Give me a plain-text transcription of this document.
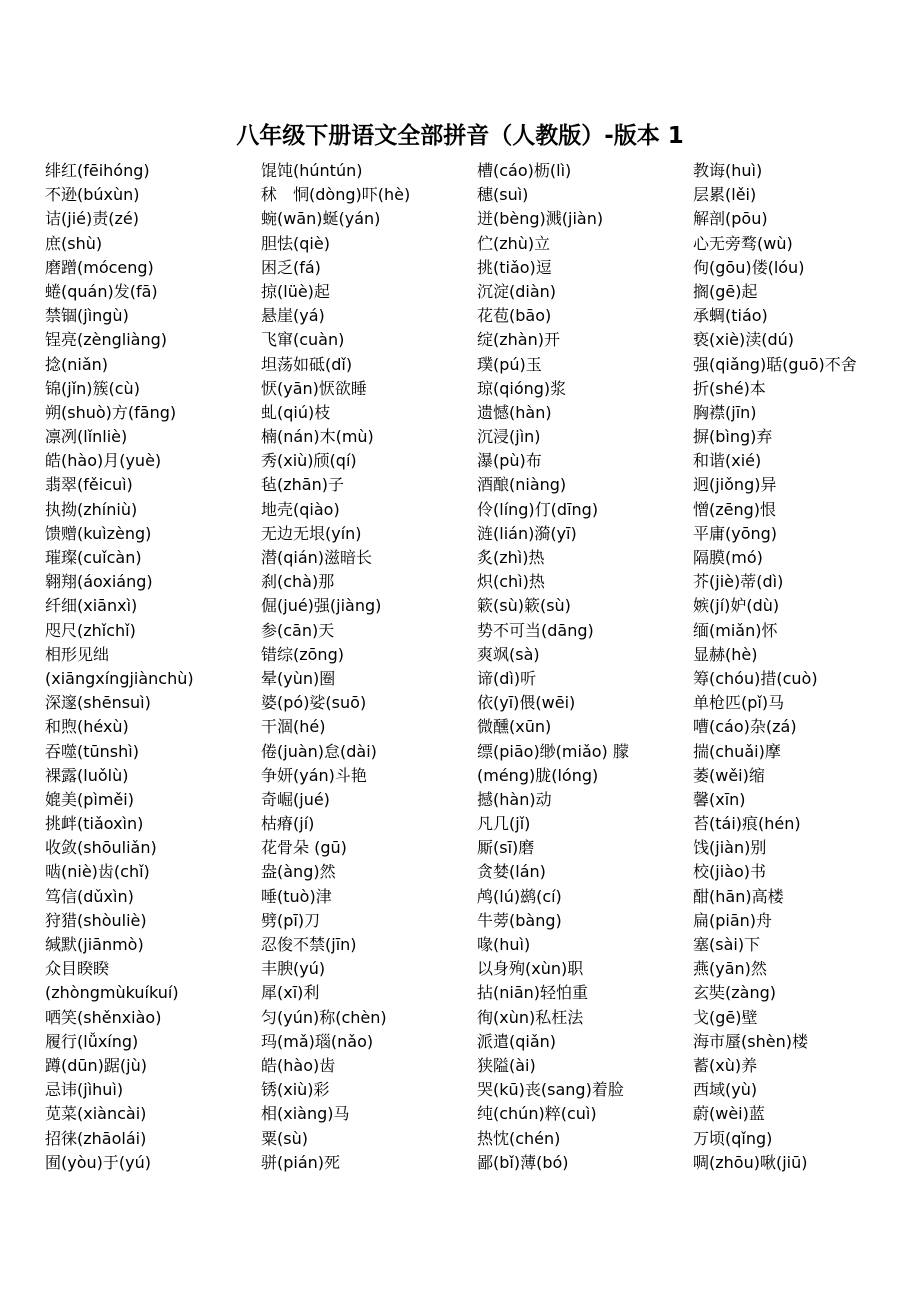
八年级下册语文全部拼音（人教版）-版本 1
绯红(fēihóng)
不逊(búxùn)
诘(jié)责(zé)
庶(shù)
磨蹭(móceng)
蜷(quán)发(fā)
禁锢(jìngù)
锃亮(zèngliàng)
捻(niǎn)
锦(jǐn)簇(cù)
朔(shuò)方(fāng)
凛冽(lǐnliè)
皓(hào)月(yuè)
翡翠(fěicuì)
执拗(zhíniù)
馈赠(kuìzèng)
璀璨(cuǐcàn)
翱翔(áoxiáng)
纤细(xiānxì)
咫尺(zhǐchǐ)
相形见绌
(xiāngxíngjiànchù)
深邃(shēnsuì)
和煦(héxù)
吞噬(tūnshì)
裸露(luǒlù)
媲美(pìměi)
挑衅(tiǎoxìn)
收敛(shōuliǎn)
啮(niè)齿(chǐ)
笃信(dǔxìn)
狩猎(shòuliè)
缄默(jiānmò)
众目睽睽
(zhòngmùkuíkuí)
哂笑(shěnxiào)
履行(lǚxíng)
蹲(dūn)踞(jù)
忌讳(jìhuì)
苋菜(xiàncài)
招徕(zhāolái)
囿(yòu)于(yú)
馄饨(húntún)
秫　恫(dòng)吓(hè)
蜿(wān)蜒(yán)
胆怯(qiè)
困乏(fá)
掠(lüè)起
悬崖(yá)
飞窜(cuàn)
坦荡如砥(dǐ)
恹(yān)恹欲睡
虬(qiú)枝
楠(nán)木(mù)
秀(xiù)颀(qí)
毡(zhān)子
地壳(qiào)
无边无垠(yín)
潜(qián)滋暗长
刹(chà)那
倔(jué)强(jiàng)
参(cān)天
错综(zōng)
晕(yùn)圈
婆(pó)娑(suō)
干涸(hé)
倦(juàn)怠(dài)
争妍(yán)斗艳
奇崛(jué)
枯瘠(jí)
花骨朵 (gū)
盎(àng)然
唾(tuò)津
劈(pī)刀
忍俊不禁(jīn)
丰腴(yú)
犀(xī)利
匀(yún)称(chèn)
玛(mǎ)瑙(nǎo)
皓(hào)齿
锈(xiù)彩
相(xiàng)马
粟(sù)
骈(pián)死
槽(cáo)枥(lì)
穗(suì)
迸(bèng)溅(jiàn)
伫(zhù)立
挑(tiǎo)逗
沉淀(diàn)
花苞(bāo)
绽(zhàn)开
璞(pú)玉
琼(qióng)浆
遗憾(hàn)
沉浸(jìn)
瀑(pù)布
酒酿(niàng)
伶(líng)仃(dīng)
涟(lián)漪(yī)
炙(zhì)热
炽(chì)热
簌(sù)簌(sù)
势不可当(dāng)
爽飒(sà)
谛(dì)听
依(yī)偎(wēi)
微醺(xūn)
缥(piāo)缈(miǎo) 朦
(méng)胧(lóng)
撼(hàn)动
凡几(jǐ)
厮(sī)磨
贪婪(lán)
鸬(lú)鹚(cí)
牛蒡(bàng)
喙(huì)
以身殉(xùn)职
拈(niān)轻怕重
徇(xùn)私枉法
派遣(qiǎn)
狭隘(ài)
哭(kū)丧(sang)着脸
纯(chún)粹(cuì)
热忱(chén)
鄙(bǐ)薄(bó)
教诲(huì)
层累(lěi)
解剖(pōu)
心无旁骛(wù)
佝(gōu)偻(lóu)
搁(gē)起
承蜩(tiáo)
亵(xiè)渎(dú)
强(qiǎng)聒(guō)不舍
折(shé)本
胸襟(jīn)
摒(bìng)弃
和谐(xié)
迥(jiǒng)异
憎(zēng)恨
平庸(yōng)
隔膜(mó)
芥(jiè)蒂(dì)
嫉(jí)妒(dù)
缅(miǎn)怀
显赫(hè)
筹(chóu)措(cuò)
单枪匹(pǐ)马
嘈(cáo)杂(zá)
揣(chuǎi)摩
萎(wěi)缩
馨(xīn)
苔(tái)痕(hén)
饯(jiàn)别
校(jiào)书
酣(hān)高楼
扁(piān)舟
塞(sài)下
燕(yān)然
玄奘(zàng)
戈(gē)壁
海市蜃(shèn)楼
蓄(xù)养
西域(yù)
蔚(wèi)蓝
万顷(qǐng)
啁(zhōu)啾(jiū)
